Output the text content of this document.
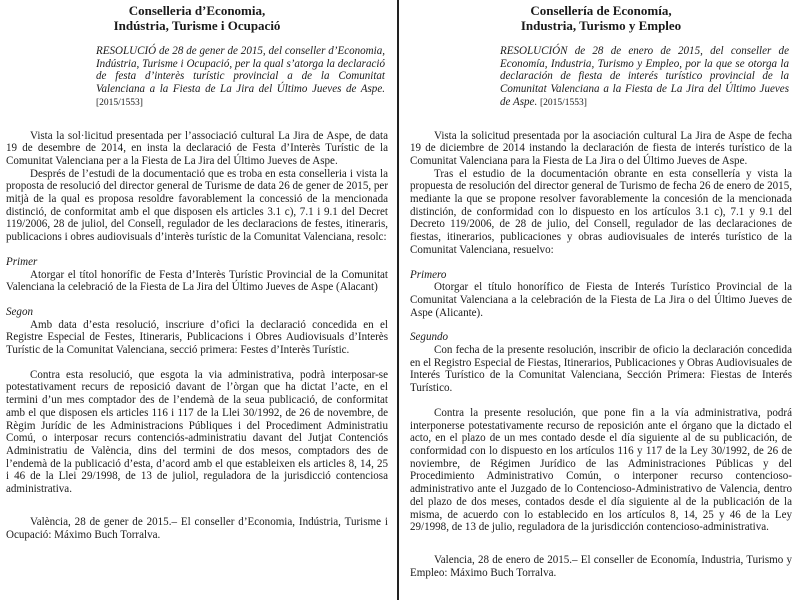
Conselleria d’Economia,
Indústria, Turisme i Ocupació
RESOLUCIÓ de 28 de gener de 2015, del conseller d’Economia, Indústria, Turisme i Ocupació, per la qual s’atorga la declaració de festa d’interès turístic provincial a de la Comunitat Valenciana a la Fiesta de La Jira del Último Jueves de Aspe. [2015/1553]

Vista la sol·licitud presentada per l’associació cultural La Jira de Aspe, de data 19 de desembre de 2014, en insta la declaració de Festa d’Interès Turístic de la Comunitat Valenciana per a la Fiesta de La Jira del Último Jueves de Aspe.

Després de l’estudi de la documentació que es troba en esta conselleria i vista la proposta de resolució del director general de Turisme de data 26 de gener de 2015, per mitjà de la qual es proposa resoldre favorablement la concessió de la mencionada distinció, de conformitat amb el que disposen els articles 3.1 c), 7.1 i 9.1 del Decret 119/2006, 28 de juliol, del Consell, regulador de les declaracions de festes, itineraris, publicacions i obres audiovisuals d’interès turístic de la Comunitat Valenciana, resolc:

Primer

Atorgar el títol honorífic de Festa d’Interès Turístic Provincial de la Comunitat Valenciana la celebració de la Fiesta de La Jira del Último Jueves de Aspe (Alacant)

Segon

Amb data d’esta resolució, inscriure d’ofici la declaració concedida en el Registre Especial de Festes, Itineraris, Publicacions i Obres Audiovisuals d’Interès Turístic de la Comunitat Valenciana, secció primera: Festes d’Interès Turístic.

Contra esta resolució, que esgota la via administrativa, podrà interposar-se potestativament recurs de reposició davant de l’òrgan que ha dictat l’acte, en el termini d’un mes comptador des de l’endemà de la seua publicació, de conformitat amb el que disposen els articles 116 i 117 de la Llei 30/1992, de 26 de novembre, de Règim Jurídic de les Administracions Públiques i del Procediment Administratiu Comú, o interposar recurs contenciós-administratiu davant del Jutjat Contenciós Administratiu de València, dins del termini de dos mesos, comptadors des de l’endemà de la publicació d’esta, d’acord amb el que estableixen els articles 8, 14, 25 i 46 de la Llei 29/1998, de 13 de juliol, reguladora de la jurisdicció contenciosa administrativa.

València, 28 de gener de 2015.– El conseller d’Economia, Indústria, Turisme i Ocupació: Máximo Buch Torralva.

Consellería de Economía,
Industria, Turismo y Empleo
RESOLUCIÓN de 28 de enero de 2015, del conseller de Economía, Industria, Turismo y Empleo, por la que se otorga la declaración de fiesta de interés turístico provincial de la Comunitat Valenciana a la Fiesta de La Jira del Último Jueves de Aspe. [2015/1553]

Vista la solicitud presentada por la asociación cultural La Jira de Aspe de fecha 19 de diciembre de 2014 instando la declaración de fiesta de interés turístico de la Comunitat Valenciana para la Fiesta de La Jira o del Último Jueves de Aspe.

Tras el estudio de la documentación obrante en esta consellería y vista la propuesta de resolución del director general de Turismo de fecha 26 de enero de 2015, mediante la que se propone resolver favorablemente la concesión de la mencionada distinción, de conformidad con lo dispuesto en los artículos 3.1 c), 7.1 y 9.1 del Decreto 119/2006, de 28 de julio, del Consell, regulador de las declaraciones de fiestas, itinerarios, publicaciones y obras audiovisuales de interés turístico de la Comunitat Valenciana, resuelvo:

Primero

Otorgar el título honorífico de Fiesta de Interés Turístico Provincial de la Comunitat Valenciana a la celebración de la Fiesta de La Jira o del Último Jueves de Aspe (Alicante).

Segundo

Con fecha de la presente resolución, inscribir de oficio la declaración concedida en el Registro Especial de Fiestas, Itinerarios, Publicaciones y Obras Audiovisuales de Interés Turístico de la Comunitat Valenciana, Sección Primera: Fiestas de Interés Turístico.

Contra la presente resolución, que pone fin a la vía administrativa, podrá interponerse potestativamente recurso de reposición ante el órgano que la dictado el acto, en el plazo de un mes contado desde el día siguiente al de su publicación, de conformidad con lo dispuesto en los artículos 116 y 117 de la Ley 30/1992, de 26 de noviembre, de Régimen Jurídico de las Administraciones Públicas y del Procedimiento Administrativo Común, o interponer recurso contencioso-administrativo ante el Juzgado de lo Contencioso-Administrativo de Valencia, dentro del plazo de dos meses, contados desde el día siguiente al de la publicación de la misma, de acuerdo con lo establecido en los artículos 8, 14, 25 y 46 de la Ley 29/1998, de 13 de julio, reguladora de la jurisdicción contencioso-administrativa.

Valencia, 28 de enero de 2015.– El conseller de Economía, Industria, Turismo y Empleo: Máximo Buch Torralva.
